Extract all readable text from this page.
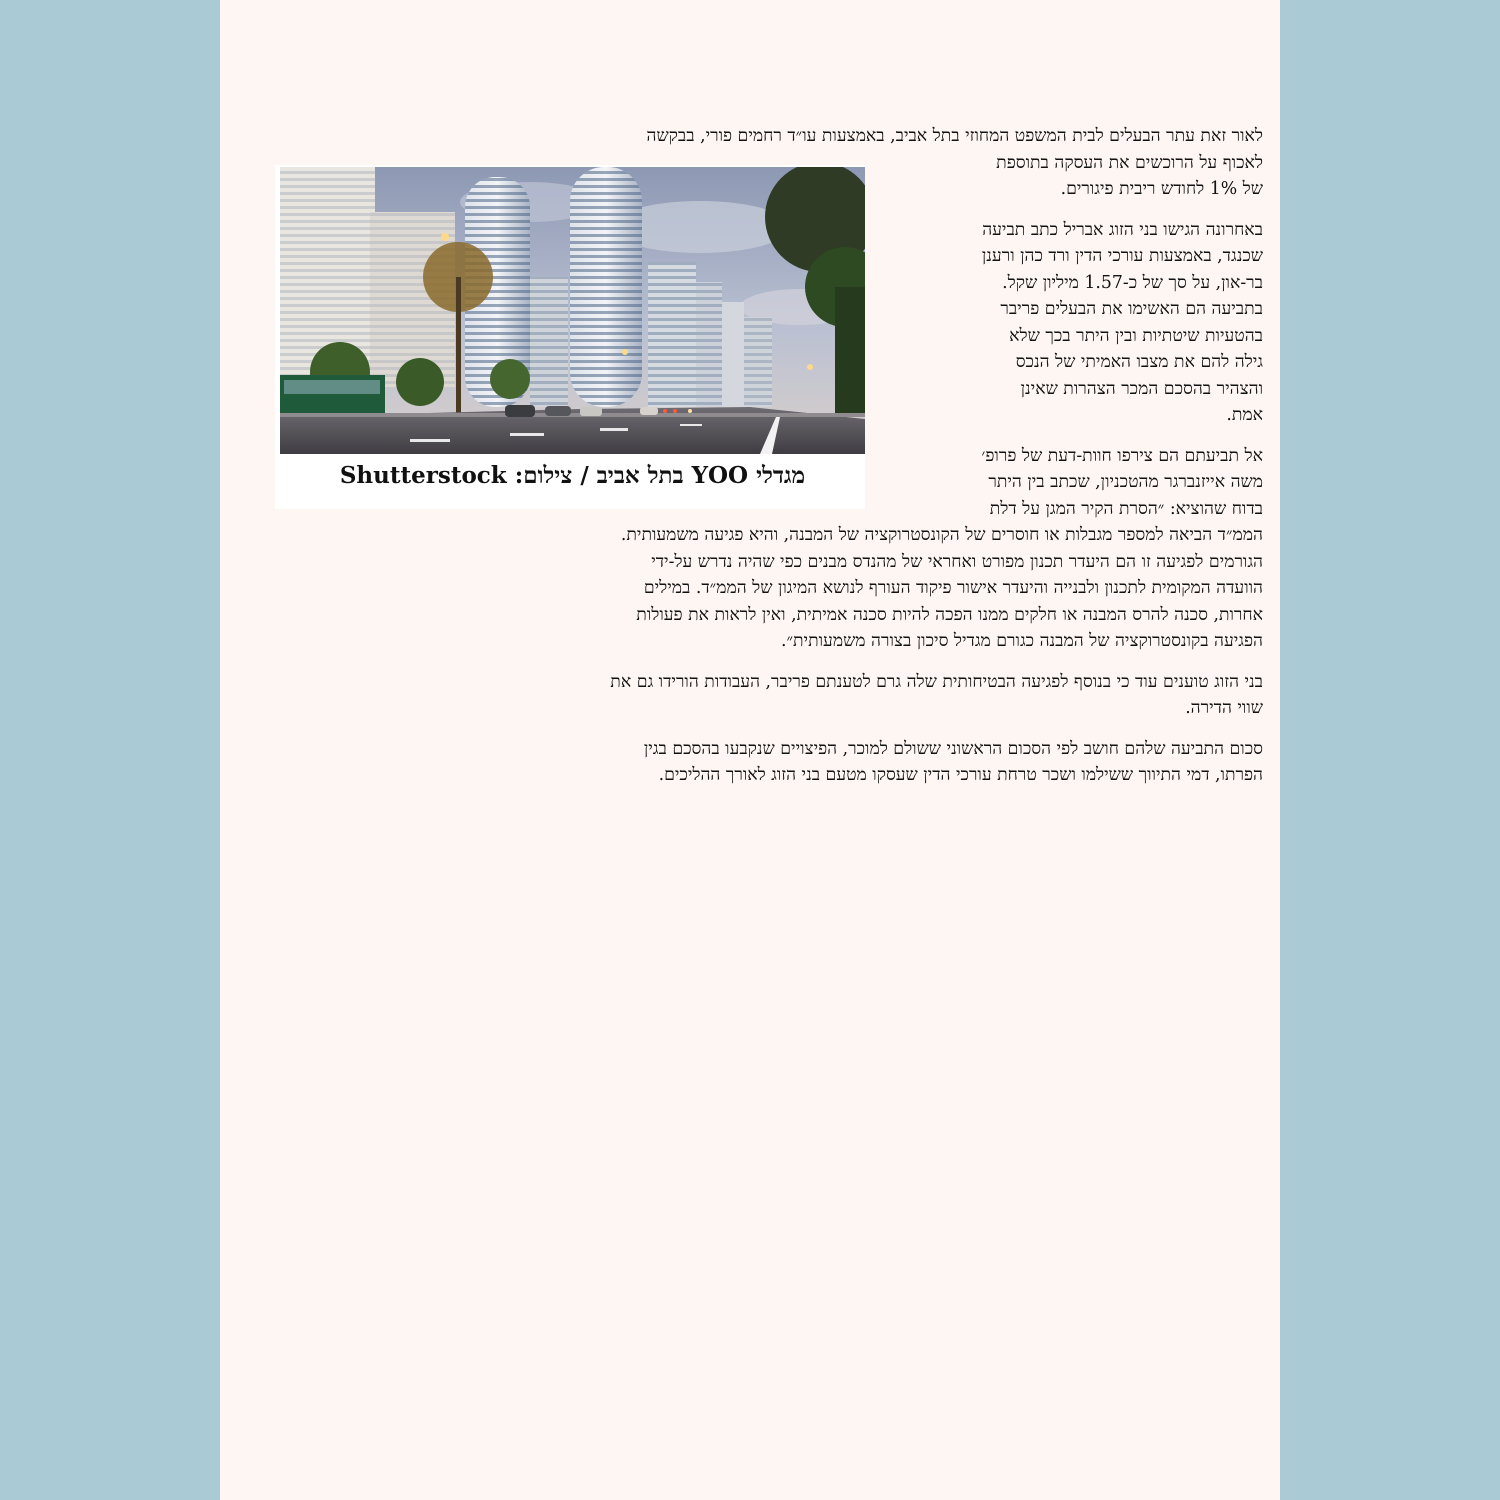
מגדלי YOO בתל אביב / צילום: Shutterstock

לאור זאת עתר הבעלים לבית המשפט המחוזי בתל אביב, באמצעות עו״ד רחמים פורי, בבקשה
לאכוף על הרוכשים את העסקה בתוספת
של 1% לחודש ריבית פיגורים.

באחרונה הגישו בני הזוג אבריל כתב תביעה
שכנגד, באמצעות עורכי הדין ורד כהן ורענן
בר-און, על סך של כ-1.57 מיליון שקל.
בתביעה הם האשימו את הבעלים פריבר
בהטעיות שיטתיות ובין היתר בכך שלא
גילה להם את מצבו האמיתי של הנכס
והצהיר בהסכם המכר הצהרות שאינן
אמת.

אל תביעתם הם צירפו חוות-דעת של פרופ׳
משה אייזנברגר מהטכניון, שכתב בין היתר
בדוח שהוציא: ״הסרת הקיר המגן על דלת
הממ״ד הביאה למספר מגבלות או חוסרים של הקונסטרוקציה של המבנה, והיא פגיעה משמעותית.
הגורמים לפגיעה זו הם היעדר תכנון מפורט ואחראי של מהנדס מבנים כפי שהיה נדרש על-ידי
הוועדה המקומית לתכנון ולבנייה והיעדר אישור פיקוד העורף לנושא המיגון של הממ״ד. במילים
אחרות, סכנה להרס המבנה או חלקים ממנו הפכה להיות סכנה אמיתית, ואין לראות את פעולות
הפגיעה בקונסטרוקציה של המבנה כגורם מגדיל סיכון בצורה משמעותית״.

בני הזוג טוענים עוד כי בנוסף לפגיעה הבטיחותית שלה גרם לטענתם פריבר, העבודות הורידו גם את
שווי הדירה.

סכום התביעה שלהם חושב לפי הסכום הראשוני ששולם למוכר, הפיצויים שנקבעו בהסכם בגין
הפרתו, דמי התיווך ששילמו ושכר טרחת עורכי הדין שעסקו מטעם בני הזוג לאורך ההליכים.
